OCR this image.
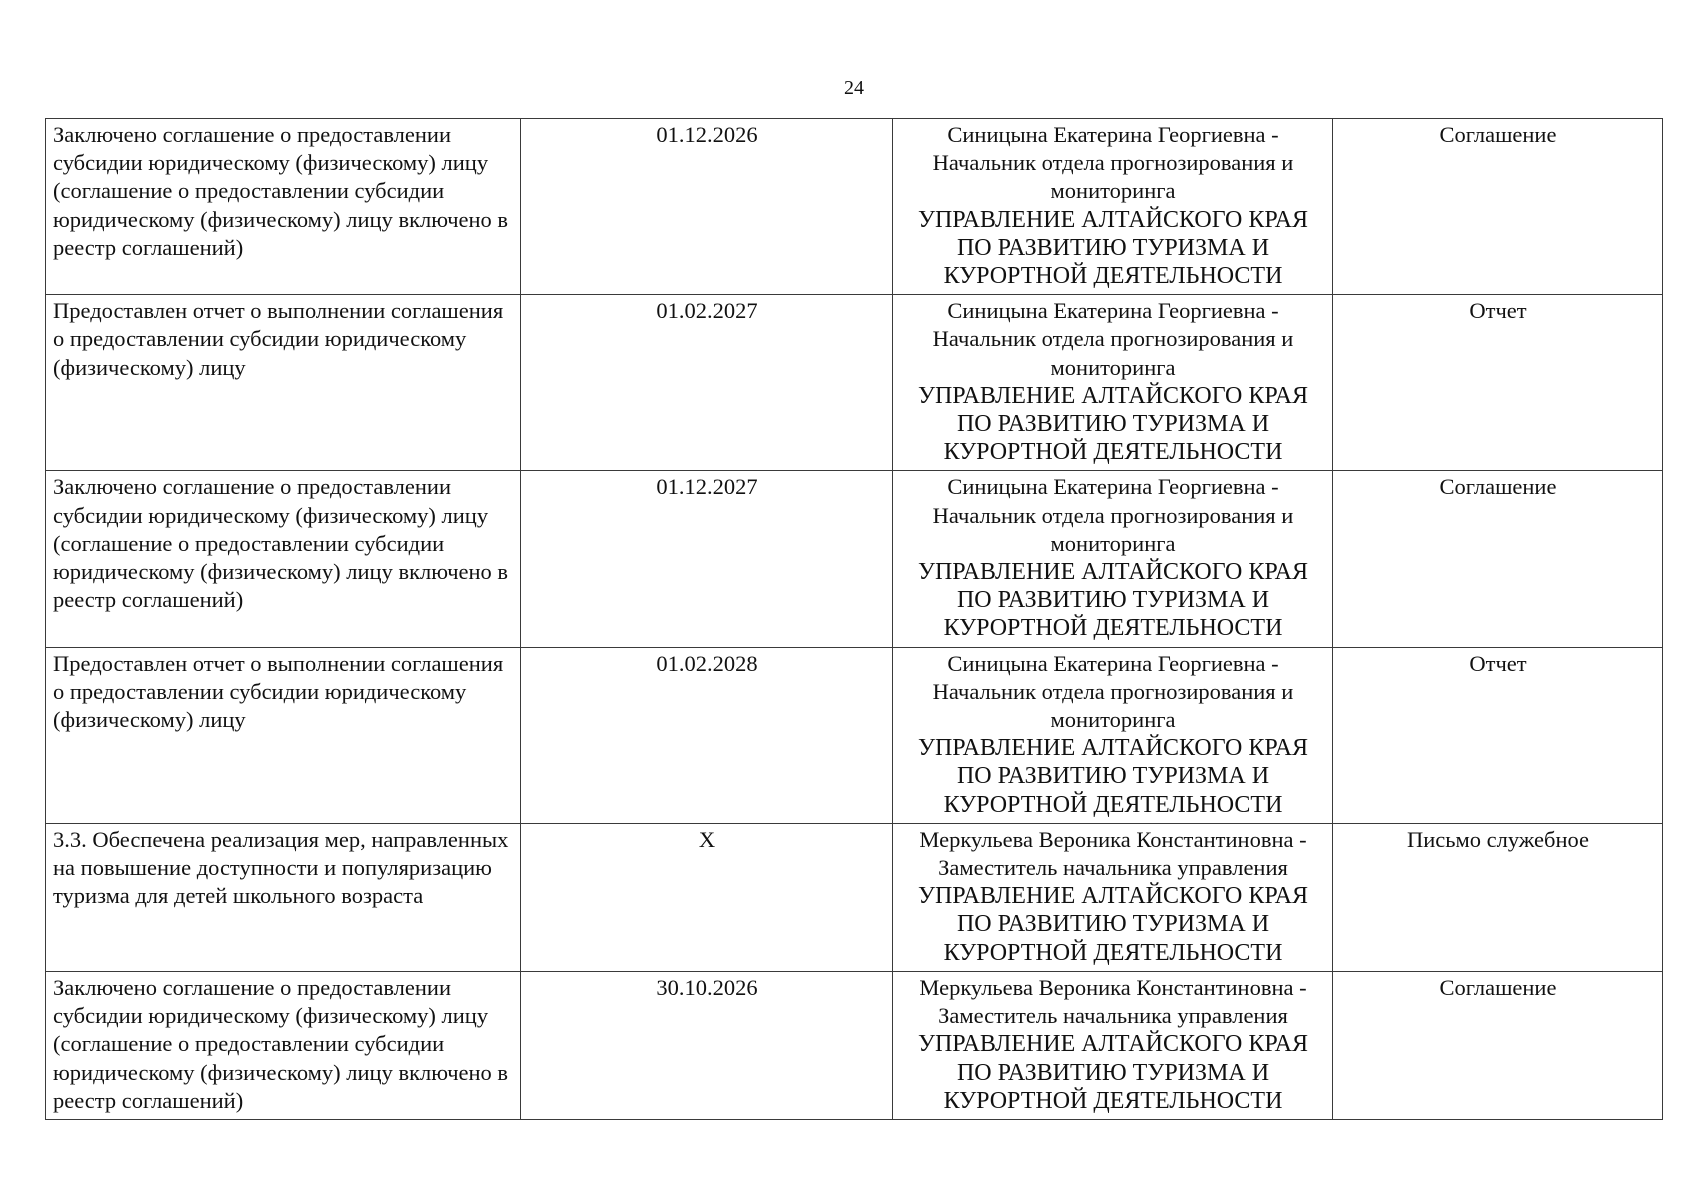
24
Заключено соглашение о предоставлении субсидии юридическому (физическому) лицу (соглашение о предоставлении субсидии юридическому (физическому) лицу включено в реестр соглашений)	01.12.2026	Синицына Екатерина Георгиевна - Начальник отдела прогнозирования и мониторинга
УПРАВЛЕНИЕ АЛТАЙСКОГО КРАЯ ПО РАЗВИТИЮ ТУРИЗМА И КУРОРТНОЙ ДЕЯТЕЛЬНОСТИ	Соглашение
Предоставлен отчет о выполнении соглашения о предоставлении субсидии юридическому (физическому) лицу	01.02.2027	Синицына Екатерина Георгиевна - Начальник отдела прогнозирования и мониторинга
УПРАВЛЕНИЕ АЛТАЙСКОГО КРАЯ ПО РАЗВИТИЮ ТУРИЗМА И КУРОРТНОЙ ДЕЯТЕЛЬНОСТИ	Отчет
Заключено соглашение о предоставлении субсидии юридическому (физическому) лицу (соглашение о предоставлении субсидии юридическому (физическому) лицу включено в реестр соглашений)	01.12.2027	Синицына Екатерина Георгиевна - Начальник отдела прогнозирования и мониторинга
УПРАВЛЕНИЕ АЛТАЙСКОГО КРАЯ ПО РАЗВИТИЮ ТУРИЗМА И КУРОРТНОЙ ДЕЯТЕЛЬНОСТИ	Соглашение
Предоставлен отчет о выполнении соглашения о предоставлении субсидии юридическому (физическому) лицу	01.02.2028	Синицына Екатерина Георгиевна - Начальник отдела прогнозирования и мониторинга
УПРАВЛЕНИЕ АЛТАЙСКОГО КРАЯ ПО РАЗВИТИЮ ТУРИЗМА И КУРОРТНОЙ ДЕЯТЕЛЬНОСТИ	Отчет
3.3. Обеспечена реализация мер, направленных на повышение доступности и популяризацию туризма для детей школьного возраста	X	Меркульева Вероника Константиновна - Заместитель начальника управления
УПРАВЛЕНИЕ АЛТАЙСКОГО КРАЯ ПО РАЗВИТИЮ ТУРИЗМА И КУРОРТНОЙ ДЕЯТЕЛЬНОСТИ	Письмо служебное
Заключено соглашение о предоставлении субсидии юридическому (физическому) лицу (соглашение о предоставлении субсидии юридическому (физическому) лицу включено в реестр соглашений)	30.10.2026	Меркульева Вероника Константиновна - Заместитель начальника управления
УПРАВЛЕНИЕ АЛТАЙСКОГО КРАЯ ПО РАЗВИТИЮ ТУРИЗМА И КУРОРТНОЙ ДЕЯТЕЛЬНОСТИ	Соглашение
